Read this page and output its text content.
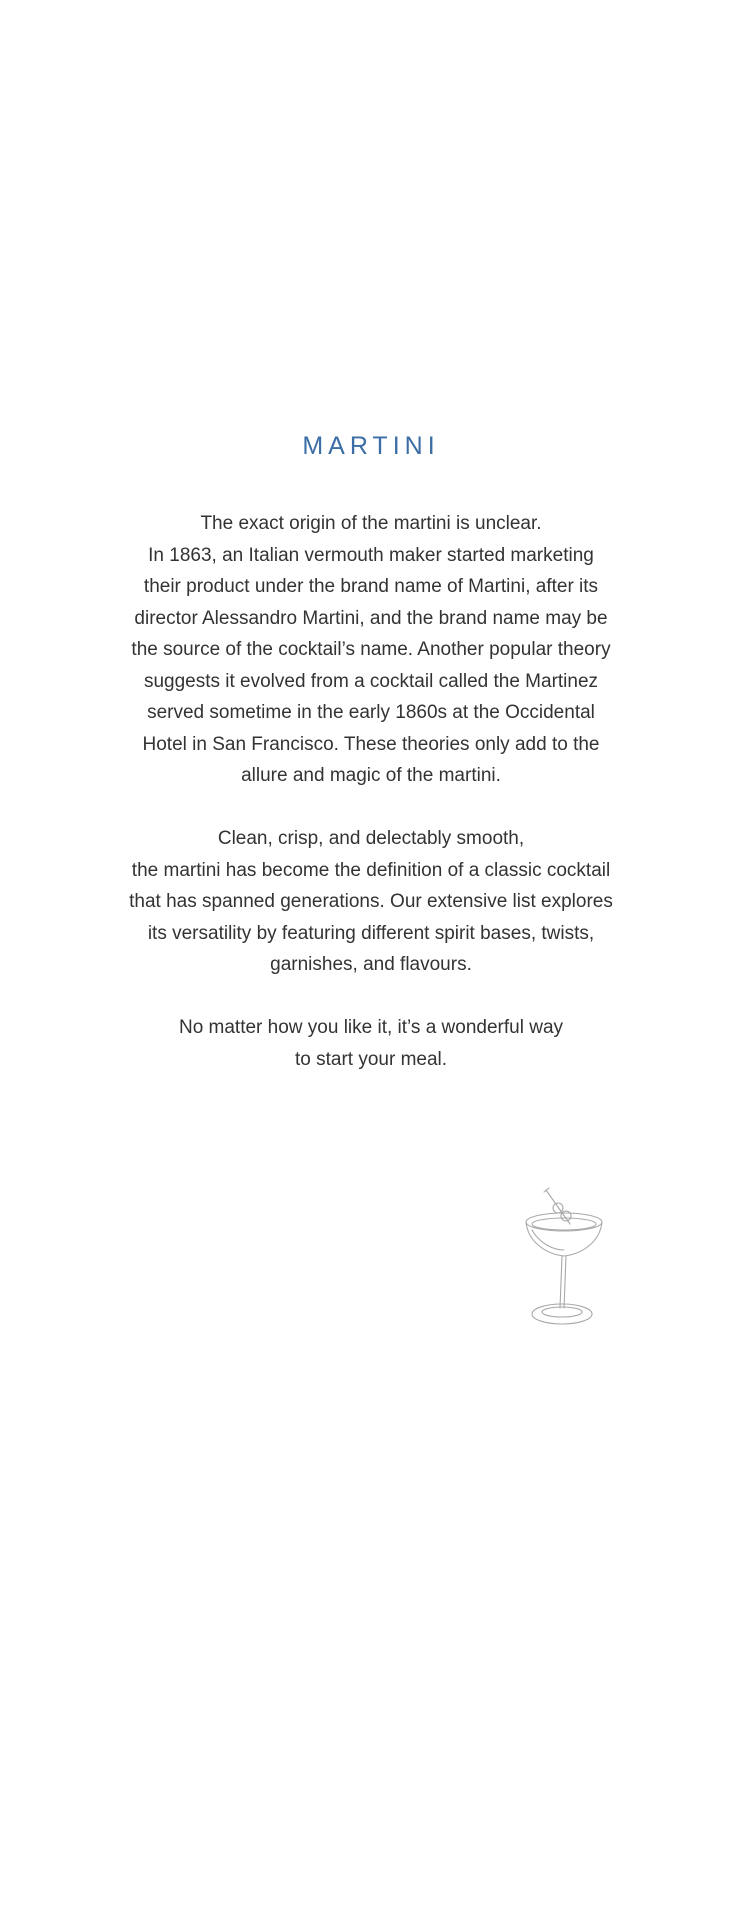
MARTINI

The exact origin of the martini is unclear.
In 1863, an Italian vermouth maker started marketing
their product under the brand name of Martini, after its
director Alessandro Martini, and the brand name may be
the source of the cocktail’s name. Another popular theory
suggests it evolved from a cocktail called the Martinez
served sometime in the early 1860s at the Occidental
Hotel in San Francisco. These theories only add to the
allure and magic of the martini.

Clean, crisp, and delectably smooth,
the martini has become the definition of a classic cocktail
that has spanned generations. Our extensive list explores
its versatility by featuring different spirit bases, twists,
garnishes, and flavours.

No matter how you like it, it’s a wonderful way
to start your meal.
